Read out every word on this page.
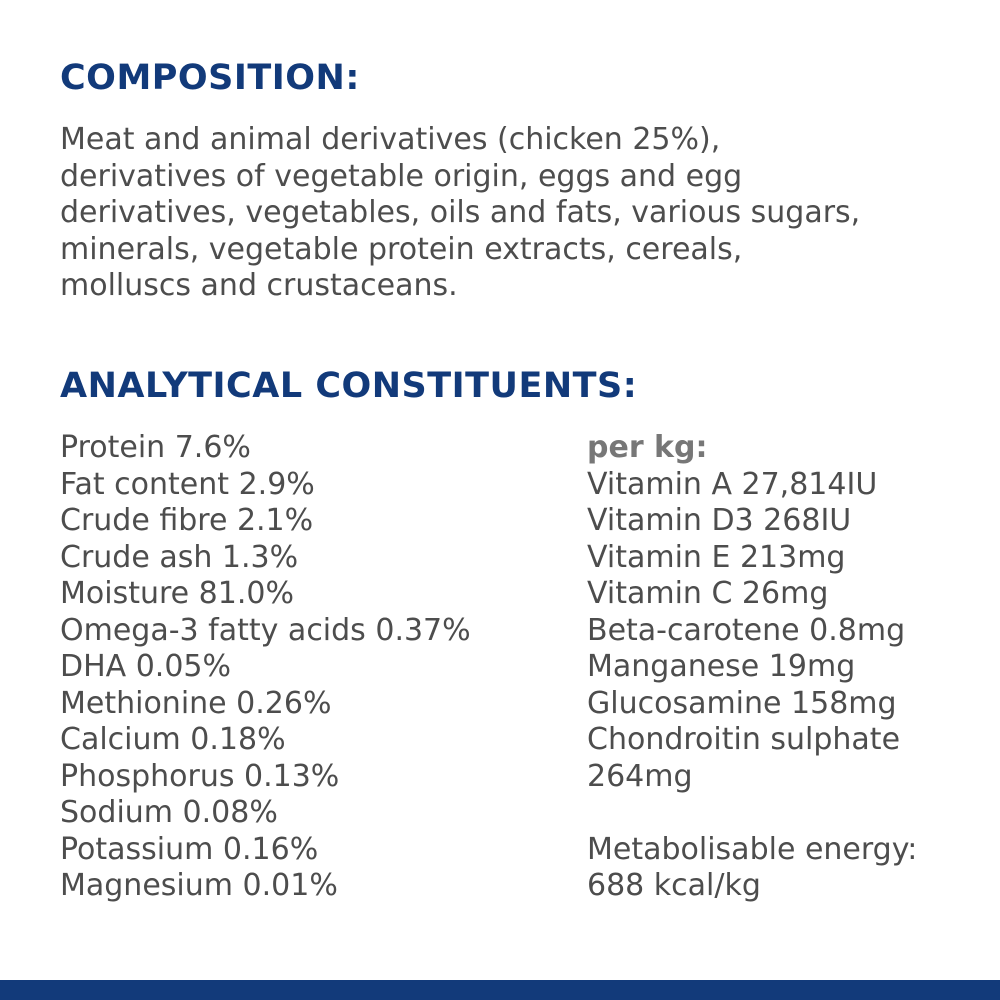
COMPOSITION:
Meat and animal derivatives (chicken 25%),
derivatives of vegetable origin, eggs and egg
derivatives, vegetables, oils and fats, various sugars,
minerals, vegetable protein extracts, cereals,
molluscs and crustaceans.
ANALYTICAL CONSTITUENTS:
Protein 7.6%
Fat content 2.9%
Crude fibre 2.1%
Crude ash 1.3%
Moisture 81.0%
Omega-3 fatty acids 0.37%
DHA 0.05%
Methionine 0.26%
Calcium 0.18%
Phosphorus 0.13%
Sodium 0.08%
Potassium 0.16%
Magnesium 0.01%
per kg:
Vitamin A 27,814IU
Vitamin D3 268IU
Vitamin E 213mg
Vitamin C 26mg
Beta-carotene 0.8mg
Manganese 19mg
Glucosamine 158mg
Chondroitin sulphate
264mg
Metabolisable energy:
688 kcal/kg
